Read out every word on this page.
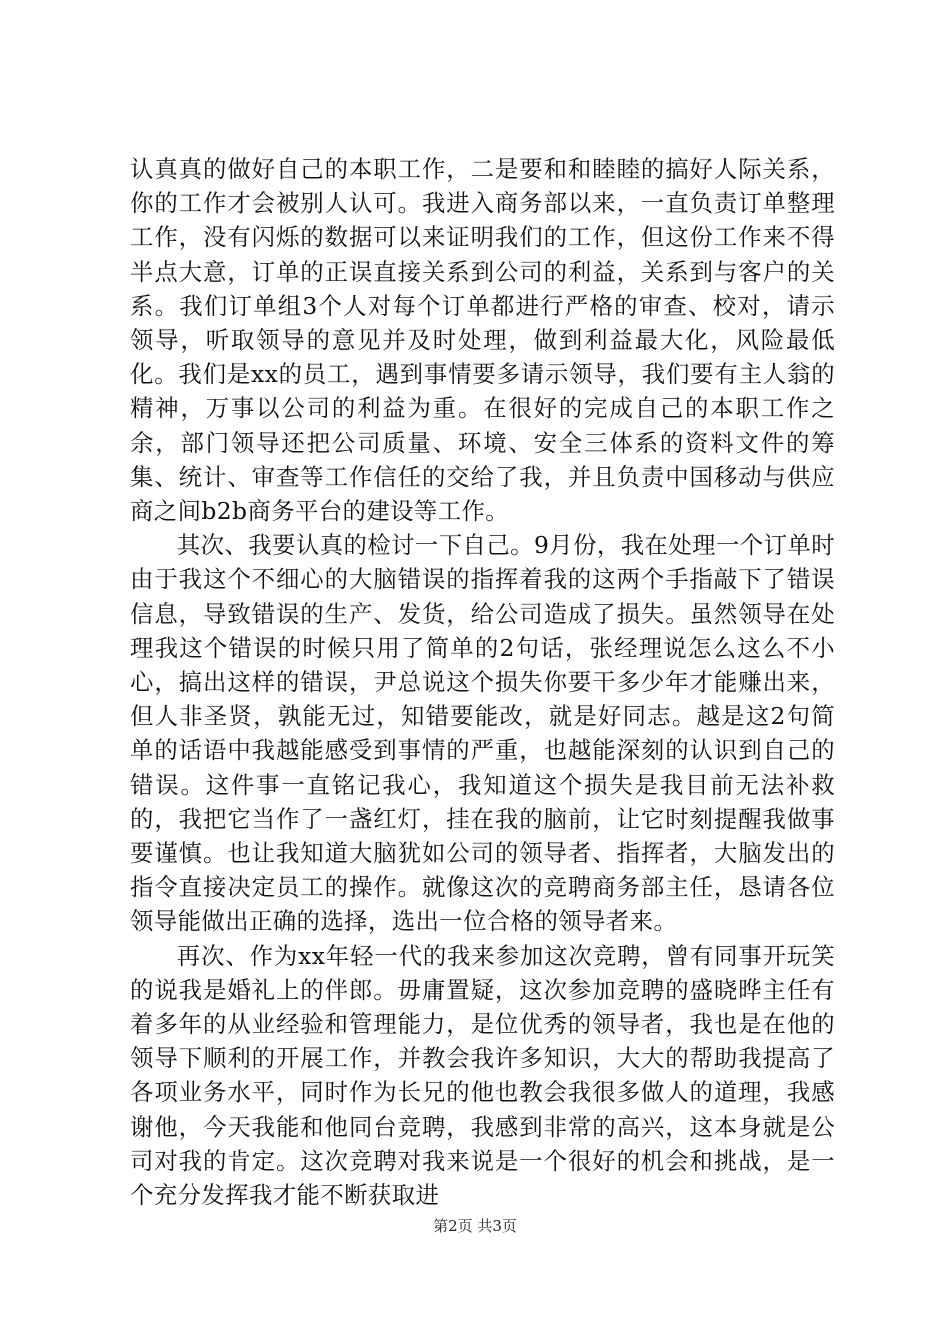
认真真的做好自己的本职工作，二是要和和睦睦的搞好人际关系，你的工作才会被别人认可。我进入商务部以来，一直负责订单整理工作，没有闪烁的数据可以来证明我们的工作，但这份工作来不得半点大意，订单的正误直接关系到公司的利益，关系到与客户的关系。我们订单组3个人对每个订单都进行严格的审查、校对，请示领导，听取领导的意见并及时处理，做到利益最大化，风险最低化。我们是xx的员工，遇到事情要多请示领导，我们要有主人翁的精神，万事以公司的利益为重。在很好的完成自己的本职工作之余，部门领导还把公司质量、环境、安全三体系的资料文件的筹集、统计、审查等工作信任的交给了我，并且负责中国移动与供应商之间b2b商务平台的建设等工作。

其次、我要认真的检讨一下自己。9月份，我在处理一个订单时由于我这个不细心的大脑错误的指挥着我的这两个手指敲下了错误信息，导致错误的生产、发货，给公司造成了损失。虽然领导在处理我这个错误的时候只用了简单的2句话，张经理说怎么这么不小心，搞出这样的错误，尹总说这个损失你要干多少年才能赚出来，但人非圣贤，孰能无过，知错要能改，就是好同志。越是这2句简单的话语中我越能感受到事情的严重，也越能深刻的认识到自己的错误。这件事一直铭记我心，我知道这个损失是我目前无法补救的，我把它当作了一盏红灯，挂在我的脑前，让它时刻提醒我做事要谨慎。也让我知道大脑犹如公司的领导者、指挥者，大脑发出的指令直接决定员工的操作。就像这次的竞聘商务部主任，恳请各位领导能做出正确的选择，选出一位合格的领导者来。

再次、作为xx年轻一代的我来参加这次竞聘，曾有同事开玩笑的说我是婚礼上的伴郎。毋庸置疑，这次参加竞聘的盛晓晔主任有着多年的从业经验和管理能力，是位优秀的领导者，我也是在他的领导下顺利的开展工作，并教会我许多知识，大大的帮助我提高了各项业务水平，同时作为长兄的他也教会我很多做人的道理，我感谢他，今天我能和他同台竞聘，我感到非常的高兴，这本身就是公司对我的肯定。这次竞聘对我来说是一个很好的机会和挑战，是一个充分发挥我才能不断获取进

第2页 共3页
